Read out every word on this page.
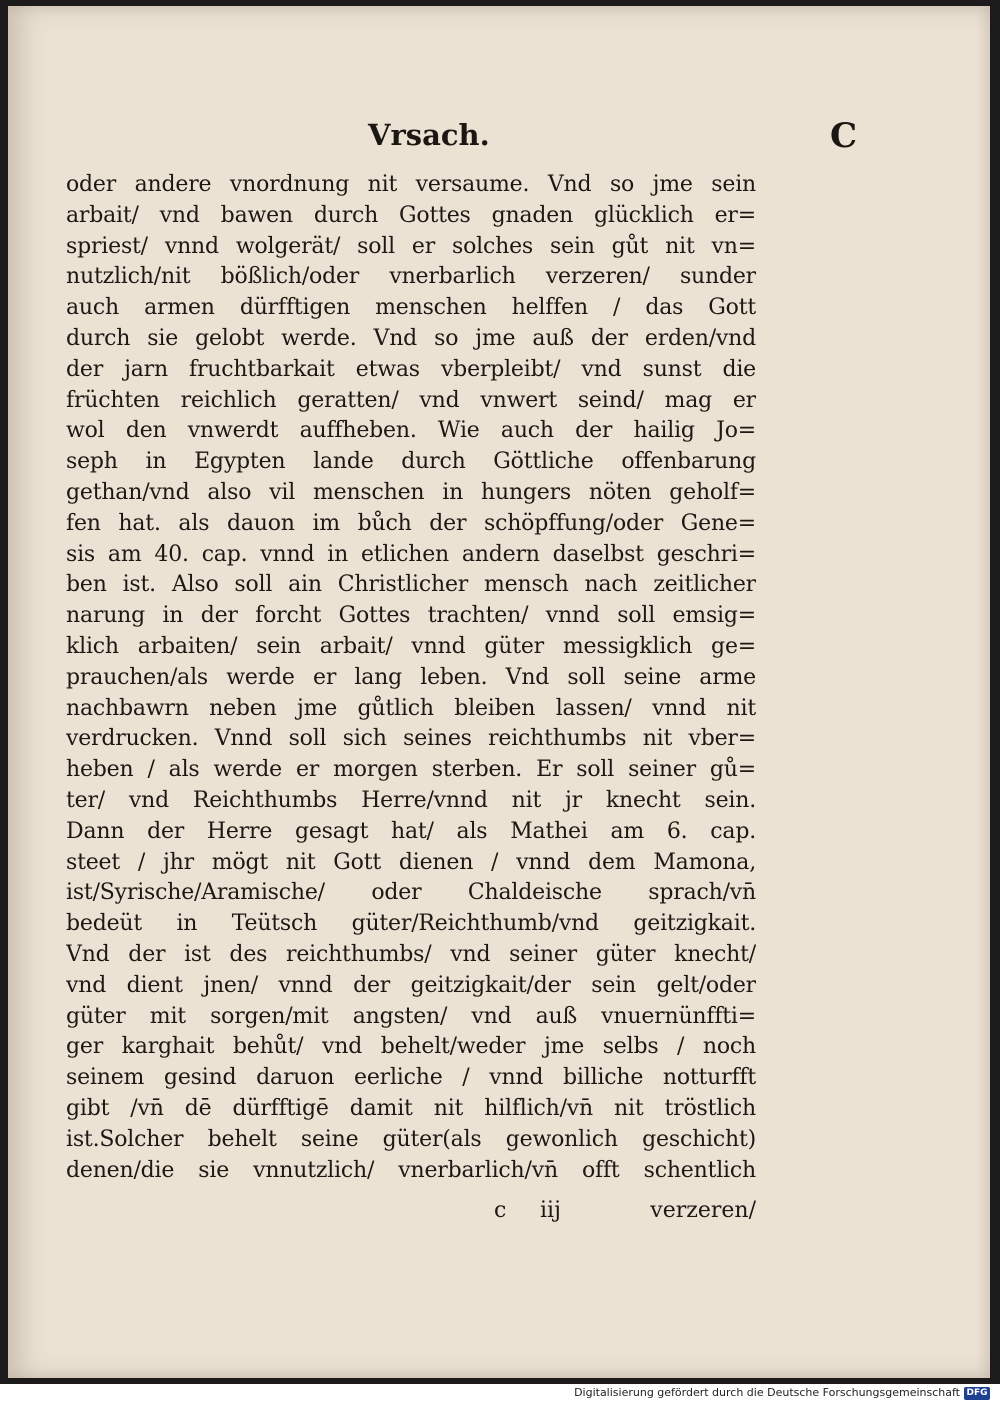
Vrsach.	C
oder andere vnordnung nit versaume. Vnd so jme sein
arbait/ vnd bawen durch Gottes gnaden glücklich er=
spriest/ vnnd wolgerät/ soll er solches sein gůt nit vn=
nutzlich/nit bößlich/oder vnerbarlich verzeren/ sunder
auch armen dürfftigen menschen helffen / das Gott
durch sie gelobt werde. Vnd so jme auß der erden/vnd
der jarn fruchtbarkait etwas vberpleibt/ vnd sunst die
früchten reichlich geratten/ vnd vnwert seind/ mag er
wol den vnwerdt auffheben. Wie auch der hailig Jo=
seph in Egypten lande durch Göttliche offenbarung
gethan/vnd also vil menschen in hungers nöten geholf=
fen hat. als dauon im bůch der schöpffung/oder Gene=
sis am 40. cap. vnnd in etlichen andern daselbst geschri=
ben ist. Also soll ain Christlicher mensch nach zeitlicher
narung in der forcht Gottes trachten/ vnnd soll emsig=
klich arbaiten/ sein arbait/ vnnd güter messigklich ge=
prauchen/als werde er lang leben. Vnd soll seine arme
nachbawrn neben jme gůtlich bleiben lassen/ vnnd nit
verdrucken. Vnnd soll sich seines reichthumbs nit vber=
heben / als werde er morgen sterben. Er soll seiner gů=
ter/ vnd Reichthumbs Herre/vnnd nit jr knecht sein.
Dann der Herre gesagt hat/ als Mathei am 6. cap.
steet / jhr mögt nit Gott dienen / vnnd dem Mamona,
ist/Syrische/Aramische/ oder Chaldeische sprach/vn̄
bedeüt in Teütsch güter/Reichthumb/vnd geitzigkait.
Vnd der ist des reichthumbs/ vnd seiner güter knecht/
vnd dient jnen/ vnnd der geitzigkait/der sein gelt/oder
güter mit sorgen/mit angsten/ vnd auß vnuernünffti=
ger karghait behůt/ vnd behelt/weder jme selbs / noch
seinem gesind daruon eerliche / vnnd billiche notturfft
gibt /vn̄ dē dürfftigē damit nit hilflich/vn̄ nit tröstlich
ist.Solcher behelt seine güter(als gewonlich geschicht)
denen/die sie vnnutzlich/ vnerbarlich/vn̄ offt schentlich
c iij	verzeren/
Digitalisierung gefördert durch die Deutsche Forschungsgemeinschaft DFG
